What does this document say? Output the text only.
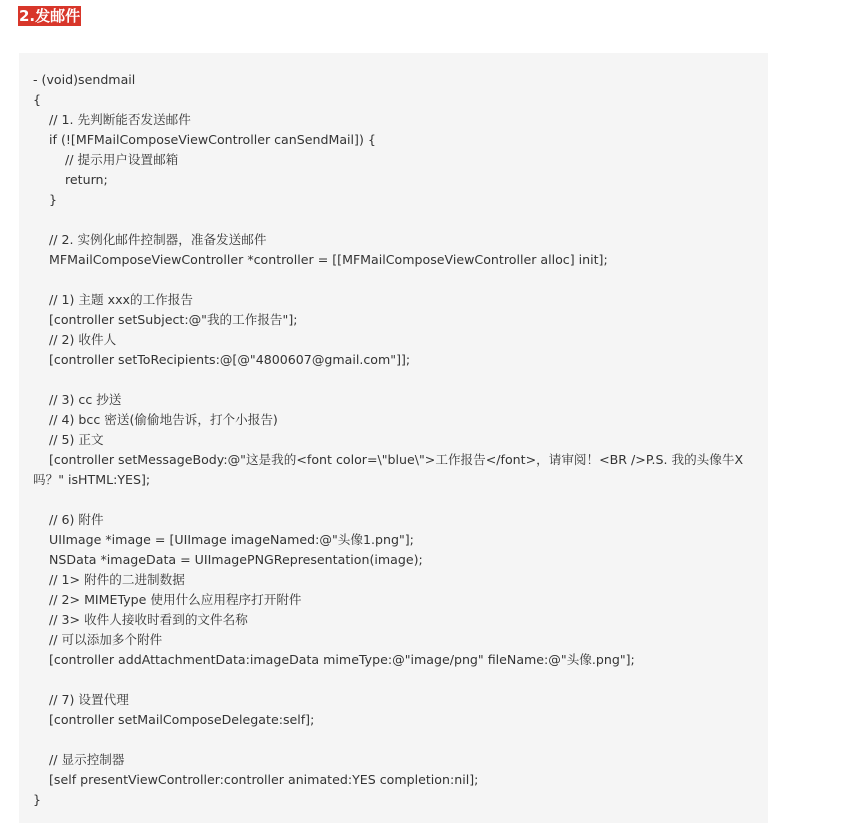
2.发邮件
- (void)sendmail
{
// 1. 先判断能否发送邮件
if (![MFMailComposeViewController canSendMail]) {
// 提示用户设置邮箱
return;
}
// 2. 实例化邮件控制器，准备发送邮件
MFMailComposeViewController *controller = [[MFMailComposeViewController alloc] init];
// 1) 主题 xxx的工作报告
[controller setSubject:@"我的工作报告"];
// 2) 收件人
[controller setToRecipients:@[@"4800607@gmail.com"]];
// 3) cc 抄送
// 4) bcc 密送(偷偷地告诉，打个小报告)
// 5) 正文
[controller setMessageBody:@"这是我的<font color=\"blue\">工作报告</font>，请审阅！<BR />P.S. 我的头像牛X
吗？" isHTML:YES];
// 6) 附件
UIImage *image = [UIImage imageNamed:@"头像1.png"];
NSData *imageData = UIImagePNGRepresentation(image);
// 1> 附件的二进制数据
// 2> MIMEType 使用什么应用程序打开附件
// 3> 收件人接收时看到的文件名称
// 可以添加多个附件
[controller addAttachmentData:imageData mimeType:@"image/png" fileName:@"头像.png"];
// 7) 设置代理
[controller setMailComposeDelegate:self];
// 显示控制器
[self presentViewController:controller animated:YES completion:nil];
}
